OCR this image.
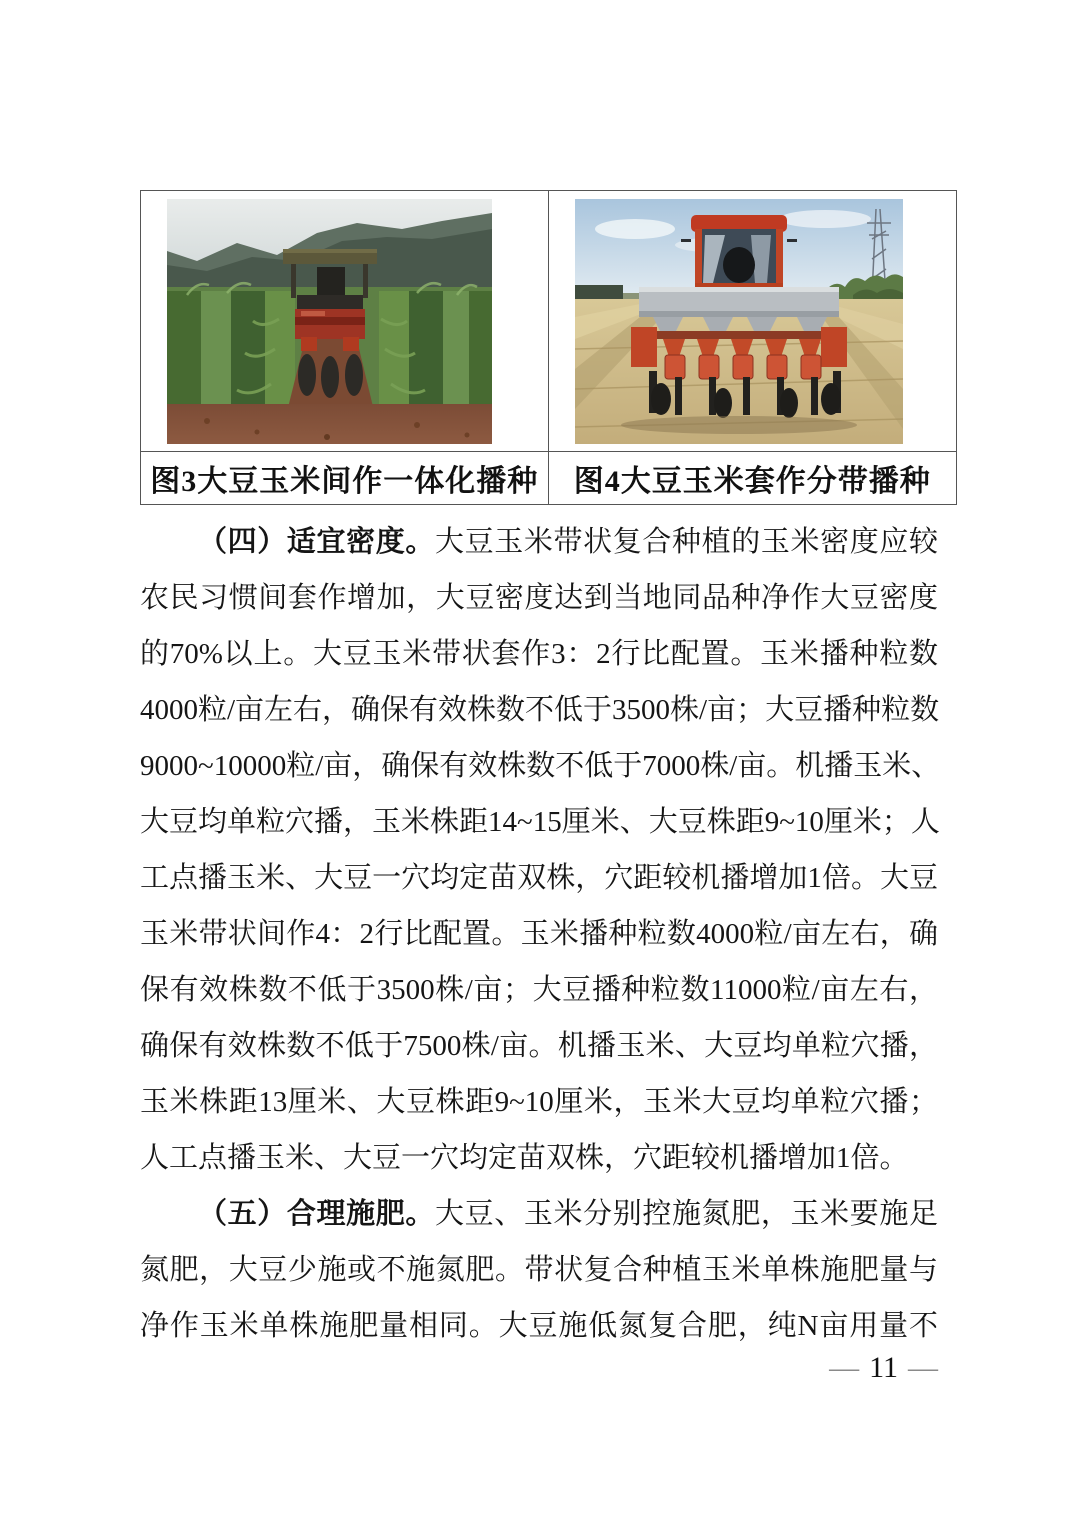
图3大豆玉米间作一体化播种	图4大豆玉米套作分带播种
（四）适宜密度。大豆玉米带状复合种植的玉米密度应较
农民习惯间套作增加，大豆密度达到当地同品种净作大豆密度
的70%以上。大豆玉米带状套作3：2行比配置。玉米播种粒数
4000粒/亩左右，确保有效株数不低于3500株/亩；大豆播种粒数
9000~10000粒/亩，确保有效株数不低于7000株/亩。机播玉米、
大豆均单粒穴播，玉米株距14~15厘米、大豆株距9~10厘米；人
工点播玉米、大豆一穴均定苗双株，穴距较机播增加1倍。大豆
玉米带状间作4：2行比配置。玉米播种粒数4000粒/亩左右，确
保有效株数不低于3500株/亩；大豆播种粒数11000粒/亩左右，
确保有效株数不低于7500株/亩。机播玉米、大豆均单粒穴播，
玉米株距13厘米、大豆株距9~10厘米，玉米大豆均单粒穴播；
人工点播玉米、大豆一穴均定苗双株，穴距较机播增加1倍。
（五）合理施肥。大豆、玉米分别控施氮肥，玉米要施足
氮肥，大豆少施或不施氮肥。带状复合种植玉米单株施肥量与
净作玉米单株施肥量相同。大豆施低氮复合肥，纯N亩用量不
— 11 —
